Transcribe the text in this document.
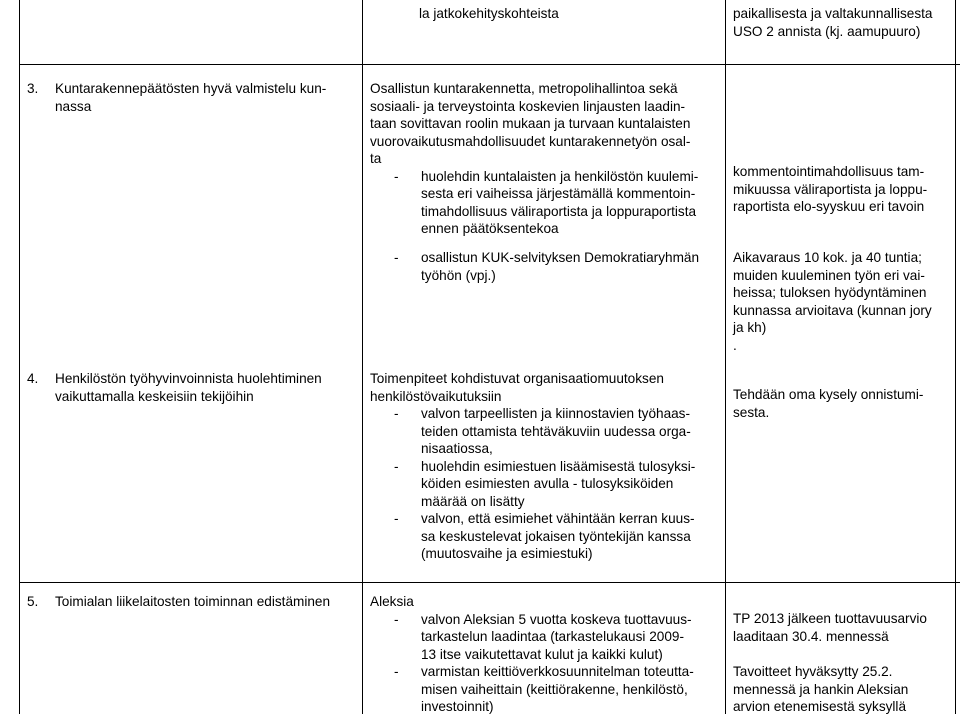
la jatkokehityskohteista	paikallisesta ja valtakunnallisesta
USO 2 annista (kj. aamupuuro)
3. Kuntarakennepäätösten hyvä valmistelu kun-
nassa
Osallistun kuntarakennetta, metropolihallintoa sekä
sosiaali- ja terveystointa koskevien linjausten laadin-
taan sovittavan roolin mukaan ja turvaan kuntalaisten
vuorovaikutusmahdollisuudet kuntarakennetyön osal-
ta
- huolehdin kuntalaisten ja henkilöstön kuulemi-
sesta eri vaiheissa järjestämällä kommentoin-
timahdollisuus väliraportista ja loppuraportista
ennen päätöksentekoa
- osallistun KUK-selvityksen Demokratiaryhmän
työhön (vpj.)
kommentointimahdollisuus tam-
mikuussa väliraportista ja loppu-
raportista elo-syyskuu eri tavoin
Aikavaraus 10 kok. ja 40 tuntia;
muiden kuuleminen työn eri vai-
heissa; tuloksen hyödyntäminen
kunnassa arvioitava (kunnan jory
ja kh)
.
4. Henkilöstön työhyvinvoinnista huolehtiminen
vaikuttamalla keskeisiin tekijöihin
Toimenpiteet kohdistuvat organisaatiomuutoksen
henkilöstövaikutuksiin
- valvon tarpeellisten ja kiinnostavien työhaas-
teiden ottamista tehtäväkuviin uudessa orga-
nisaatiossa,
- huolehdin esimiestuen lisäämisestä tulosyksi-
köiden esimiesten avulla - tulosyksiköiden
määrää on lisätty
- valvon, että esimiehet vähintään kerran kuus-
sa keskustelevat jokaisen työntekijän kanssa
(muutosvaihe ja esimiestuki)
Tehdään oma kysely onnistumi-
sesta.
5. Toimialan liikelaitosten toiminnan edistäminen	Aleksia
- valvon Aleksian 5 vuotta koskeva tuottavuus-
tarkastelun laadintaa (tarkastelukausi 2009-
13 itse vaikutettavat kulut ja kaikki kulut)
- varmistan keittiöverkkosuunnitelman toteutta-
misen vaiheittain (keittiörakenne, henkilöstö,
investoinnit)
TP 2013 jälkeen tuottavuusarvio
laaditaan 30.4. mennessä
Tavoitteet hyväksytty 25.2.
mennessä ja hankin Aleksian
arvion etenemisestä syksyllä
